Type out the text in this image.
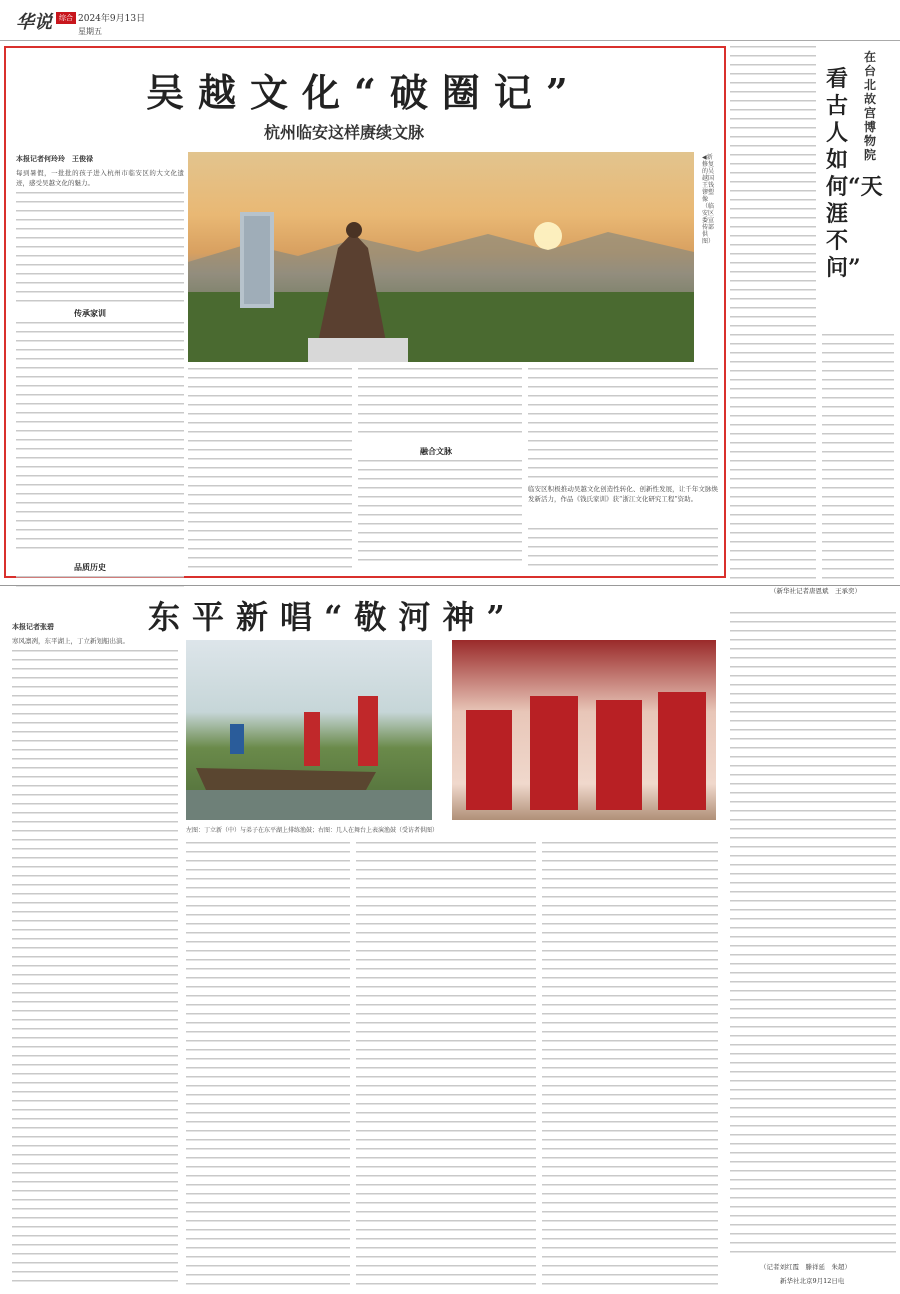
华说	综合 2024年9月13日
星期五
吴越文化“破圈记”
杭州临安这样赓续文脉
本报记者何玲玲　王俊禄
每到暑假，一批批的孩子进入杭州市临安区的大文化遗迹，感受吴越文化的魅力。
传承家训
品质历史
◀新修复的吴越国王钱镠塑像（临安区委宣传部供图）
融合文脉
临安区积极推动吴越文化创造性转化、创新性发展，让千年文脉焕发新活力，作品《钱氏家训》获“浙江文化研究工程”资助。
在台北故宫博物院
看古人如何“天涯不问”
（新华社记者唐恩斌　王承奕）
东平新唱“敬河神”
本报记者张碧
寒风凛冽，东平湖上，丁立新划船出演。
左图：丁立新（中）与弟子在东平湖上排练渔鼓；右图：几人在舞台上表演渔鼓（受访者供图）
（记者刘红霞　滕祥延　朱超）
新华社北京9月12日电
